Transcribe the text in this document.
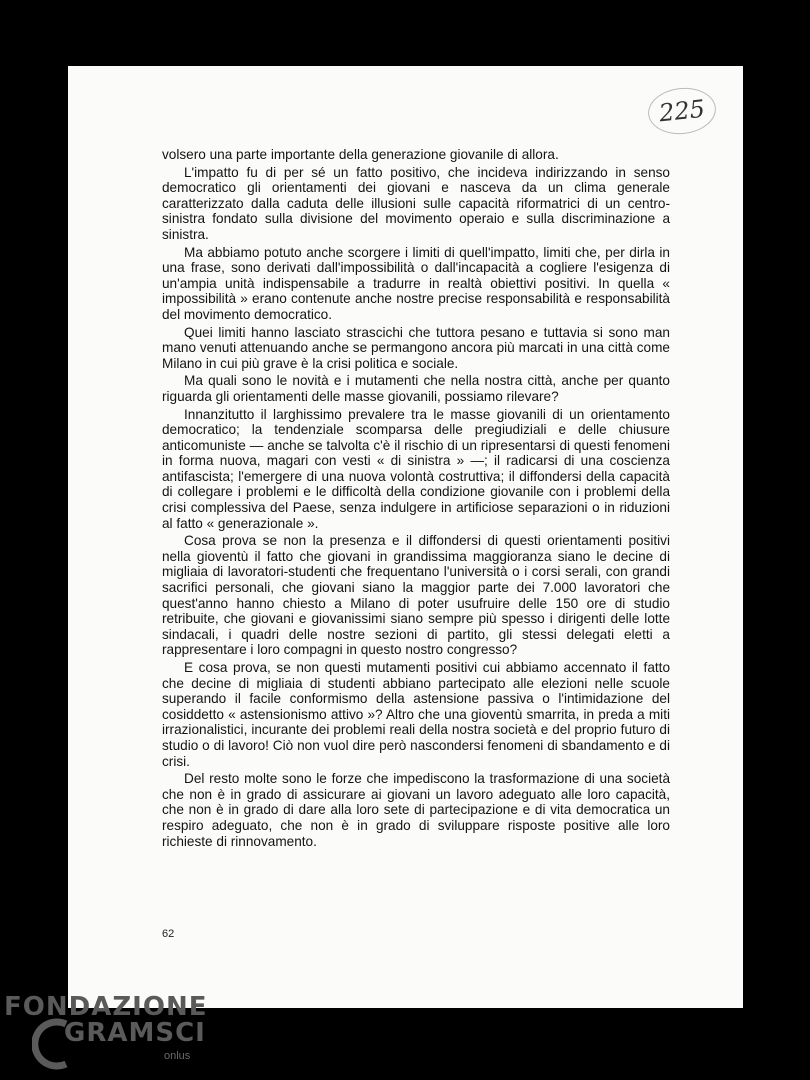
225

volsero una parte importante della generazione giovanile di allora.

L'impatto fu di per sé un fatto positivo, che incideva indirizzando in senso democratico gli orientamenti dei giovani e nasceva da un clima generale caratterizzato dalla caduta delle illusioni sulle capacità riformatrici di un centro-sinistra fondato sulla divisione del movimento operaio e sulla discriminazione a sinistra.

Ma abbiamo potuto anche scorgere i limiti di quell'impatto, limiti che, per dirla in una frase, sono derivati dall'impossibilità o dall'incapacità a cogliere l'esigenza di un'ampia unità indispensabile a tradurre in realtà obiettivi positivi. In quella « impossibilità » erano contenute anche nostre precise responsabilità e responsabilità del movimento democratico.

Quei limiti hanno lasciato strascichi che tuttora pesano e tuttavia si sono man mano venuti attenuando anche se permangono ancora più marcati in una città come Milano in cui più grave è la crisi politica e sociale.

Ma quali sono le novità e i mutamenti che nella nostra città, anche per quanto riguarda gli orientamenti delle masse giovanili, possiamo rilevare?

Innanzitutto il larghissimo prevalere tra le masse giovanili di un orientamento democratico; la tendenziale scomparsa delle pregiudiziali e delle chiusure anticomuniste — anche se talvolta c'è il rischio di un ripresentarsi di questi fenomeni in forma nuova, magari con vesti « di sinistra » —; il radicarsi di una coscienza antifascista; l'emergere di una nuova volontà costruttiva; il diffondersi della capacità di collegare i problemi e le difficoltà della condizione giovanile con i problemi della crisi complessiva del Paese, senza indulgere in artificiose separazioni o in riduzioni al fatto « generazionale ».

Cosa prova se non la presenza e il diffondersi di questi orientamenti positivi nella gioventù il fatto che giovani in grandissima maggioranza siano le decine di migliaia di lavoratori-studenti che frequentano l'università o i corsi serali, con grandi sacrifici personali, che giovani siano la maggior parte dei 7.000 lavoratori che quest'anno hanno chiesto a Milano di poter usufruire delle 150 ore di studio retribuite, che giovani e giovanissimi siano sempre più spesso i dirigenti delle lotte sindacali, i quadri delle nostre sezioni di partito, gli stessi delegati eletti a rappresentare i loro compagni in questo nostro congresso?

E cosa prova, se non questi mutamenti positivi cui abbiamo accennato il fatto che decine di migliaia di studenti abbiano partecipato alle elezioni nelle scuole superando il facile conformismo della astensione passiva o l'intimidazione del cosiddetto « astensionismo attivo »? Altro che una gioventù smarrita, in preda a miti irrazionalistici, incurante dei problemi reali della nostra società e del proprio futuro di studio o di lavoro! Ciò non vuol dire però nascondersi fenomeni di sbandamento e di crisi.

Del resto molte sono le forze che impediscono la trasformazione di una società che non è in grado di assicurare ai giovani un lavoro adeguato alle loro capacità, che non è in grado di dare alla loro sete di partecipazione e di vita democratica un respiro adeguato, che non è in grado di sviluppare risposte positive alle loro richieste di rinnovamento.

62
FONDAZIONE
GRAMSCI
onlus
